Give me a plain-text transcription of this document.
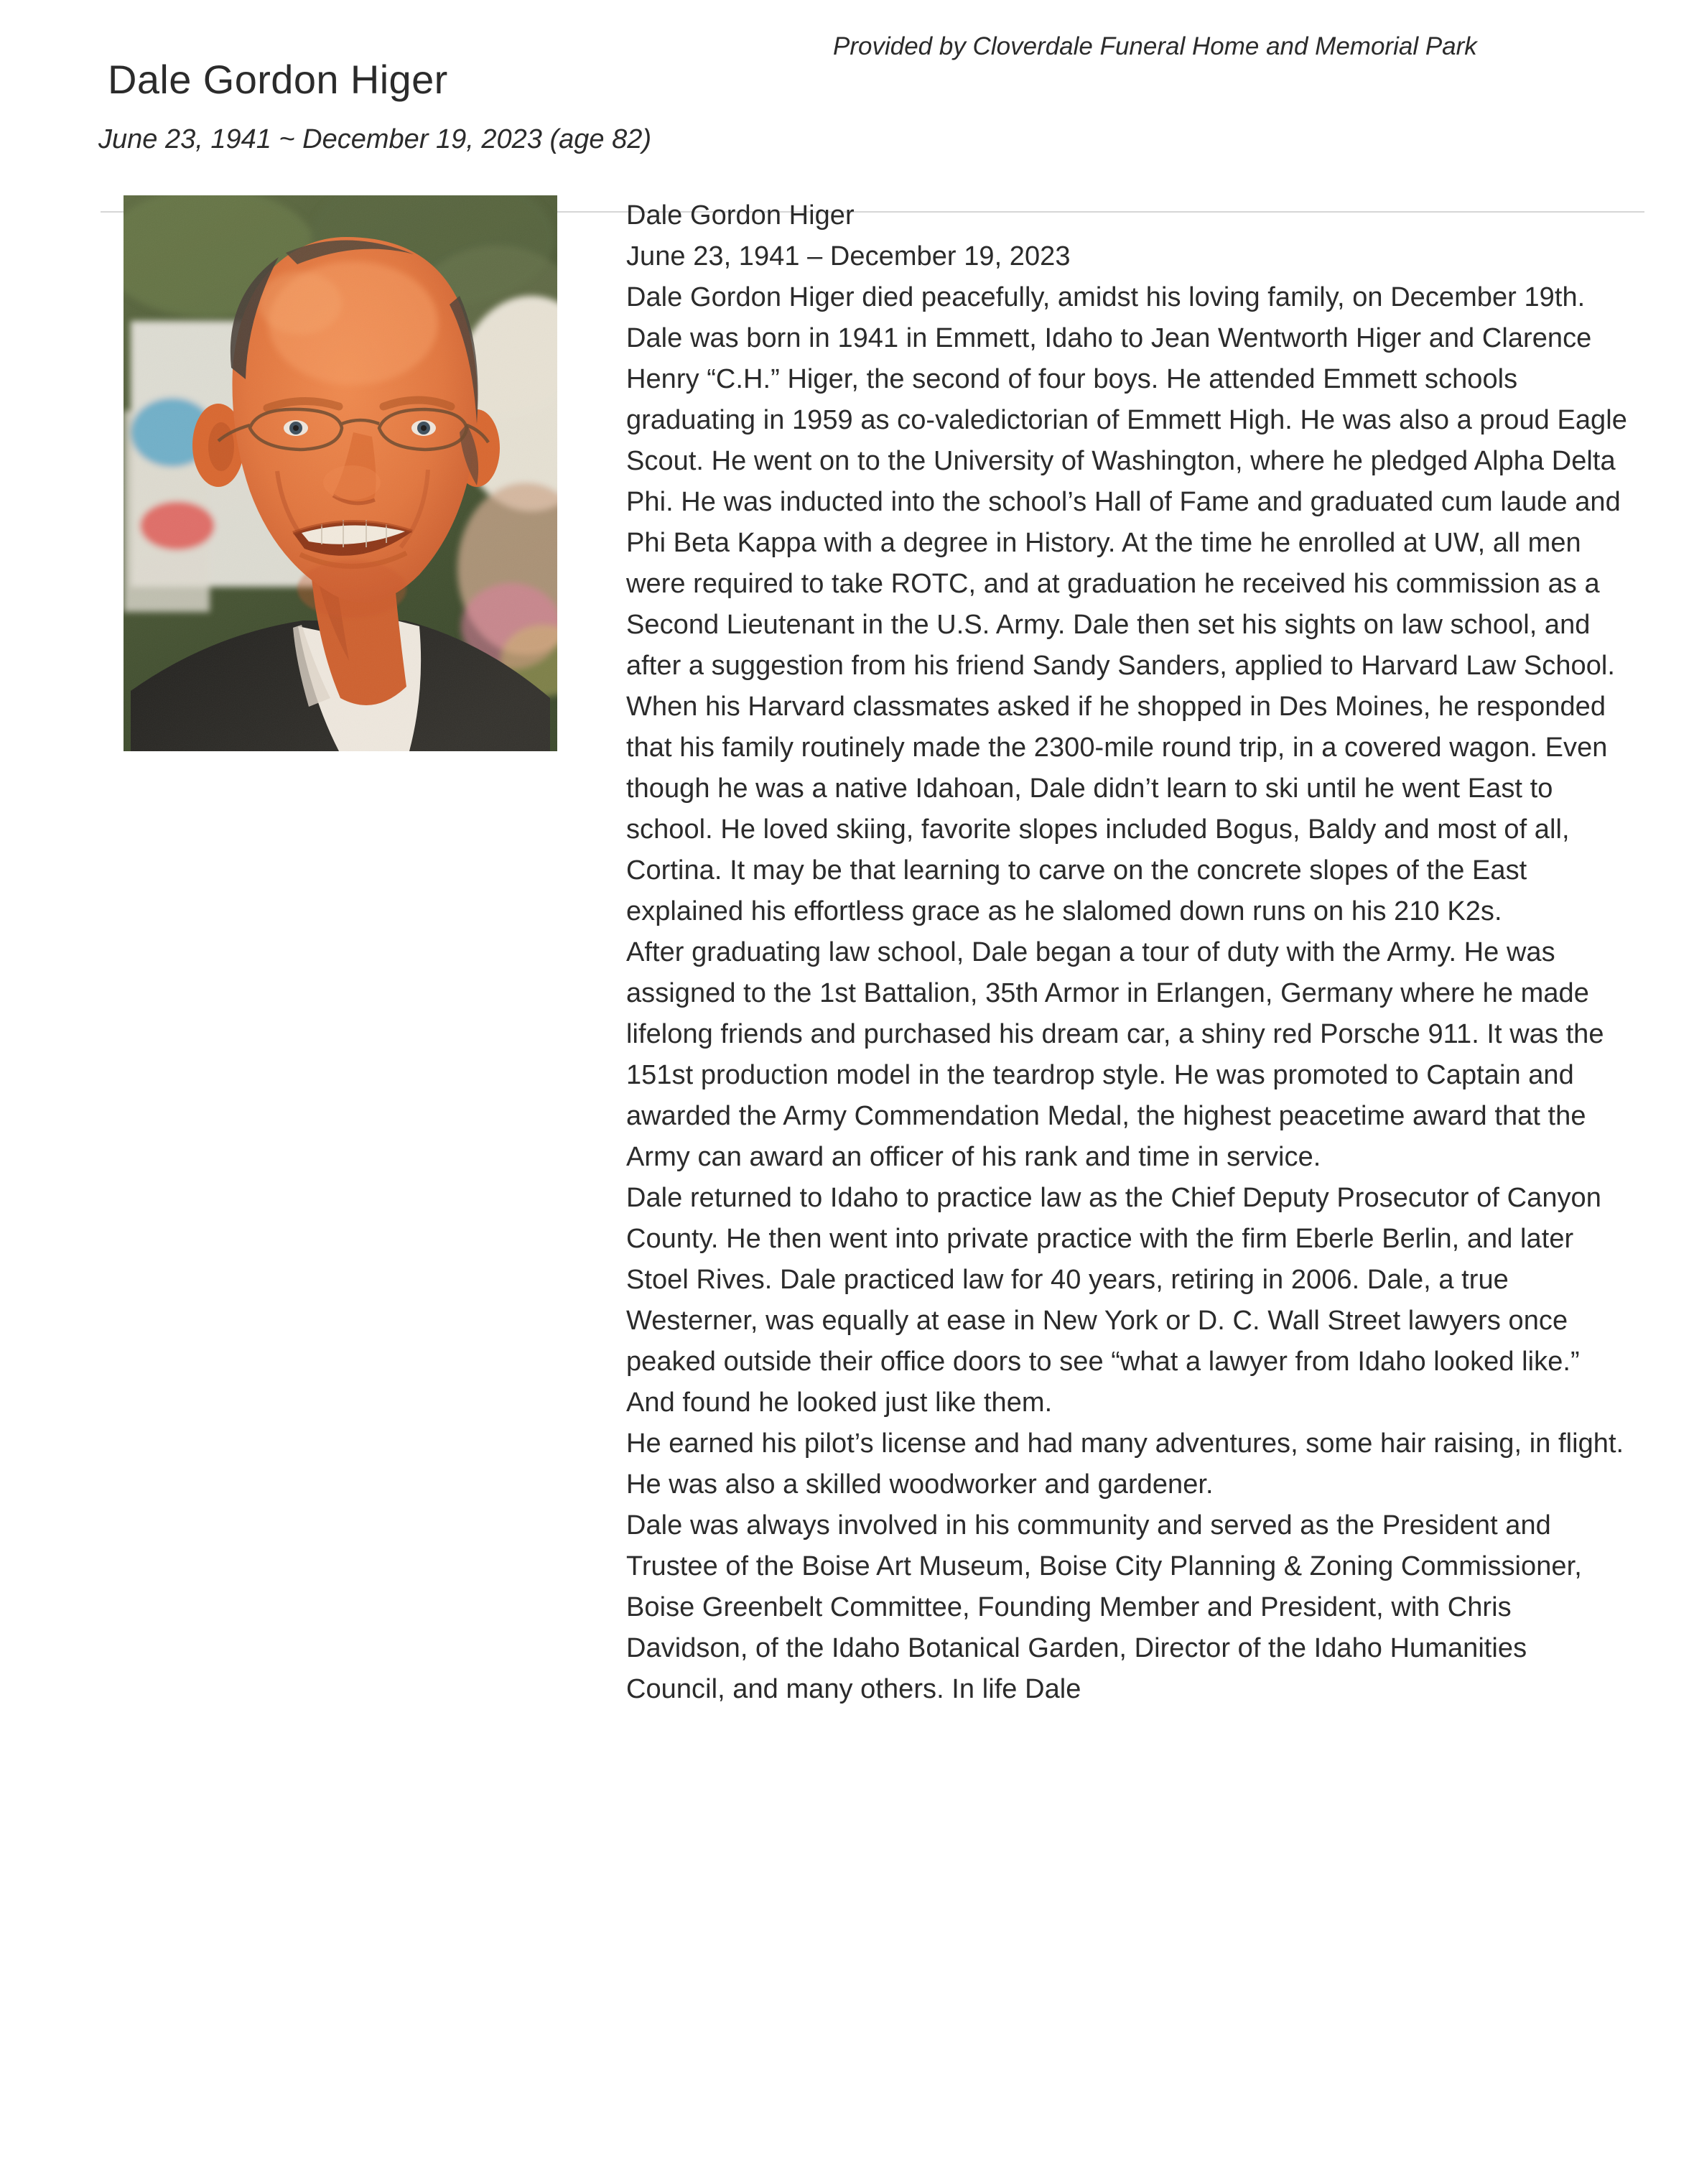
Dale Gordon Higer
June 23, 1941 ~ December 19, 2023 (age 82)
Provided by Cloverdale Funeral Home and Memorial Park

Dale Gordon Higer

June 23, 1941 – December 19, 2023

Dale Gordon Higer died peacefully, amidst his loving family, on December 19th. Dale was born in 1941 in Emmett, Idaho to Jean Wentworth Higer and Clarence Henry “C.H.” Higer, the second of four boys. He attended Emmett schools graduating in 1959 as co-valedictorian of Emmett High. He was also a proud Eagle Scout. He went on to the University of Washington, where he pledged Alpha Delta Phi. He was inducted into the school’s Hall of Fame and graduated cum laude and Phi Beta Kappa with a degree in History. At the time he enrolled at UW, all men were required to take ROTC, and at graduation he received his commission as a Second Lieutenant in the U.S. Army. Dale then set his sights on law school, and after a suggestion from his friend Sandy Sanders, applied to Harvard Law School. When his Harvard classmates asked if he shopped in Des Moines, he responded that his family routinely made the 2300-mile round trip, in a covered wagon. Even though he was a native Idahoan, Dale didn’t learn to ski until he went East to school. He loved skiing, favorite slopes included Bogus, Baldy and most of all, Cortina. It may be that learning to carve on the concrete slopes of the East explained his effortless grace as he slalomed down runs on his 210 K2s.

After graduating law school, Dale began a tour of duty with the Army. He was assigned to the 1st Battalion, 35th Armor in Erlangen, Germany where he made lifelong friends and purchased his dream car, a shiny red Porsche 911. It was the 151st production model in the teardrop style. He was promoted to Captain and awarded the Army Commendation Medal, the highest peacetime award that the Army can award an officer of his rank and time in service.

Dale returned to Idaho to practice law as the Chief Deputy Prosecutor of Canyon County. He then went into private practice with the firm Eberle Berlin, and later Stoel Rives. Dale practiced law for 40 years, retiring in 2006. Dale, a true Westerner, was equally at ease in New York or D. C. Wall Street lawyers once peaked outside their office doors to see “what a lawyer from Idaho looked like.” And found he looked just like them.

He earned his pilot’s license and had many adventures, some hair raising, in flight. He was also a skilled woodworker and gardener.

Dale was always involved in his community and served as the President and Trustee of the Boise Art Museum, Boise City Planning & Zoning Commissioner, Boise Greenbelt Committee, Founding Member and President, with Chris Davidson, of the Idaho Botanical Garden, Director of the Idaho Humanities Council, and many others. In life Dale
